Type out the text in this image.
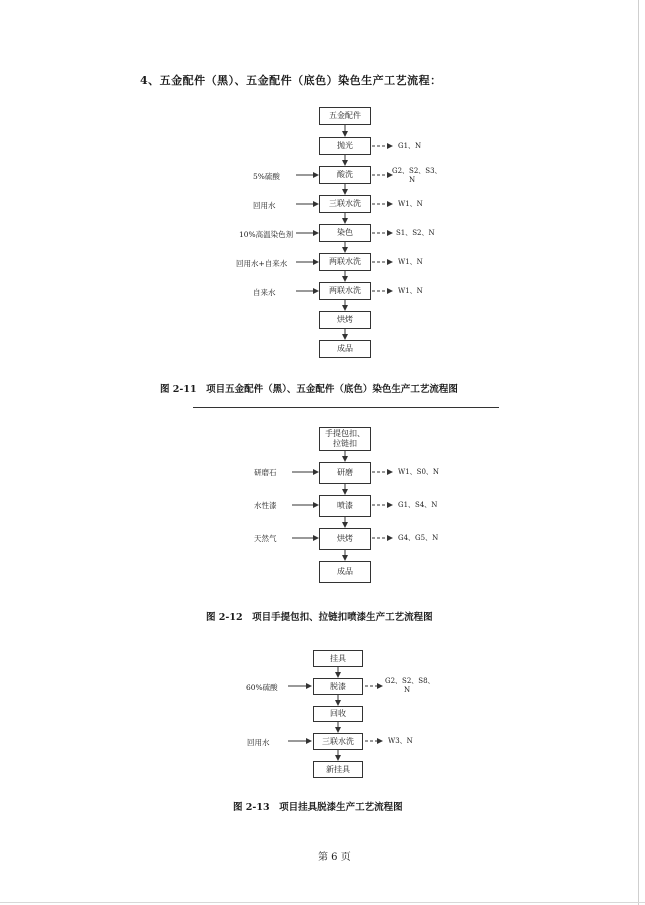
4、五金配件（黑）、五金配件（底色）染色生产工艺流程：
五金配件
抛光
酸洗
三联水洗
染色
两联水洗
两联水洗
烘烤
成品
5%硫酸
回用水
10%高温染色剂
回用水+自来水
自来水
G1、N
G2、S2、S3、
N
W1、N
S1、S2、N
W1、N
W1、N
图 2-11　项目五金配件（黑）、五金配件（底色）染色生产工艺流程图
手提包扣、
拉链扣
研磨
喷漆
烘烤
成品
研磨石
水性漆
天然气
W1、S0、N
G1、S4、N
G4、G5、N
图 2-12　项目手提包扣、拉链扣喷漆生产工艺流程图
挂具
脱漆
回收
三联水洗
新挂具
60%硫酸
回用水
G2、S2、S8、
N
W3、N
图 2-13　项目挂具脱漆生产工艺流程图
第 6 页
